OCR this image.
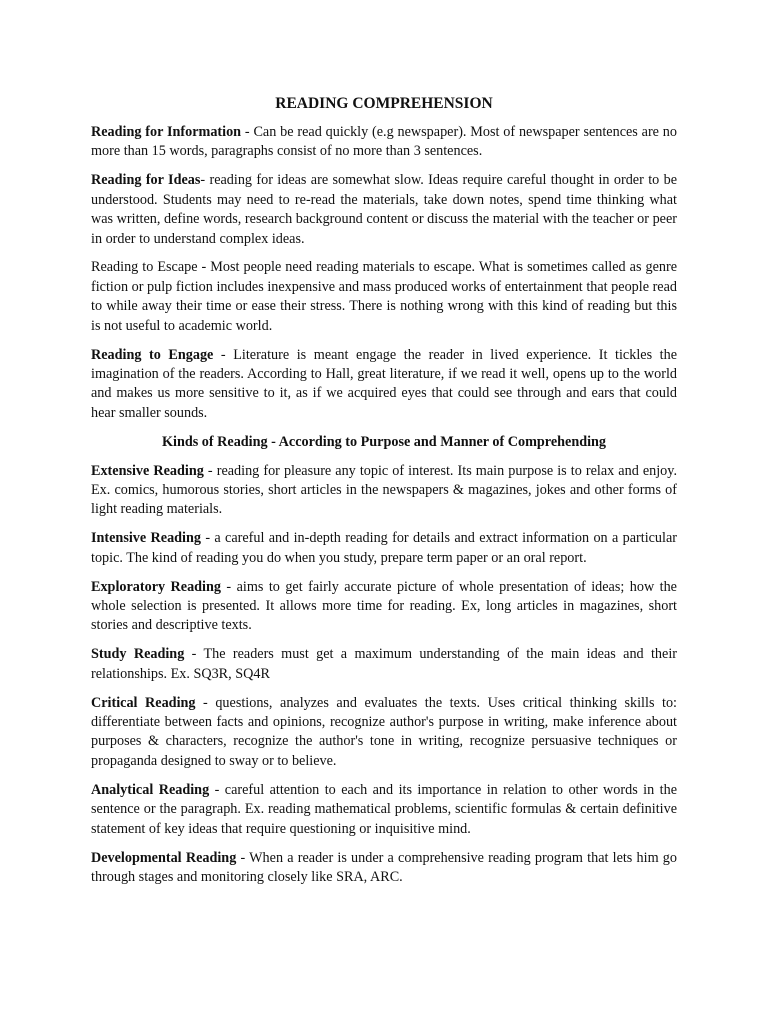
READING COMPREHENSION

Reading for Information - Can be read quickly (e.g newspaper). Most of newspaper sentences are no more than 15 words, paragraphs consist of no more than 3 sentences.

Reading for Ideas- reading for ideas are somewhat slow. Ideas require careful thought in order to be understood. Students may need to re-read the materials, take down notes, spend time thinking what was written, define words, research background content or discuss the material with the teacher or peer in order to understand complex ideas.

Reading to Escape - Most people need reading materials to escape. What is sometimes called as genre fiction or pulp fiction includes inexpensive and mass produced works of entertainment that people read to while away their time or ease their stress. There is nothing wrong with this kind of reading but this is not useful to academic world.

Reading to Engage - Literature is meant engage the reader in lived experience. It tickles the imagination of the readers. According to Hall, great literature, if we read it well, opens up to the world and makes us more sensitive to it, as if we acquired eyes that could see through and ears that could hear smaller sounds.

Kinds of Reading - According to Purpose and Manner of Comprehending

Extensive Reading - reading for pleasure any topic of interest. Its main purpose is to relax and enjoy. Ex. comics, humorous stories, short articles in the newspapers & magazines, jokes and other forms of light reading materials.

Intensive Reading - a careful and in-depth reading for details and extract information on a particular topic. The kind of reading you do when you study, prepare term paper or an oral report.

Exploratory Reading - aims to get fairly accurate picture of whole presentation of ideas; how the whole selection is presented. It allows more time for reading. Ex, long articles in magazines, short stories and descriptive texts.

Study Reading - The readers must get a maximum understanding of the main ideas and their relationships. Ex. SQ3R, SQ4R

Critical Reading - questions, analyzes and evaluates the texts. Uses critical thinking skills to: differentiate between facts and opinions, recognize author's purpose in writing, make inference about purposes & characters, recognize the author's tone in writing, recognize persuasive techniques or propaganda designed to sway or to believe.

Analytical Reading - careful attention to each and its importance in relation to other words in the sentence or the paragraph. Ex. reading mathematical problems, scientific formulas & certain definitive statement of key ideas that require questioning or inquisitive mind.

Developmental Reading - When a reader is under a comprehensive reading program that lets him go through stages and monitoring closely like SRA, ARC.
